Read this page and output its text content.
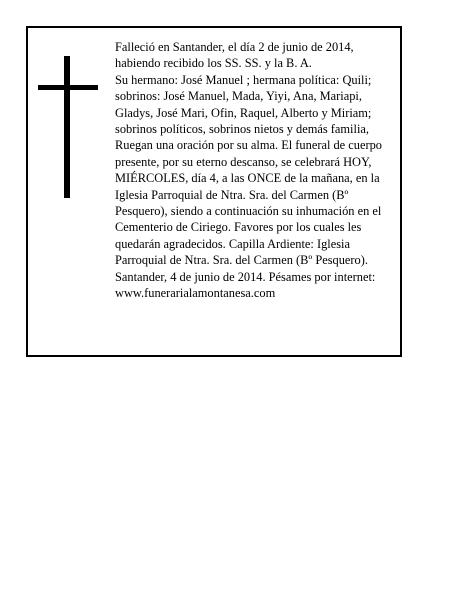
Falleció en Santander, el día 2 de junio de 2014,
habiendo recibido los SS. SS. y la B. A.
Su hermano: José Manuel ; hermana política: Quili;
sobrinos: José Manuel, Mada, Yiyi, Ana, Mariapi,
Gladys, José Mari, Ofin, Raquel, Alberto y Miriam;
sobrinos políticos, sobrinos nietos y demás familia,
Ruegan una oración por su alma. El funeral de cuerpo
presente, por su eterno descanso, se celebrará HOY,
MIÉRCOLES, día 4, a las ONCE de la mañana, en la
Iglesia Parroquial de Ntra. Sra. del Carmen (Bº
Pesquero), siendo a continuación su inhumación en el
Cementerio de Ciriego. Favores por los cuales les
quedarán agradecidos. Capilla Ardiente: Iglesia
Parroquial de Ntra. Sra. del Carmen (Bº Pesquero).
Santander, 4 de junio de 2014. Pésames por internet:
www.funerarialamontanesa.com
